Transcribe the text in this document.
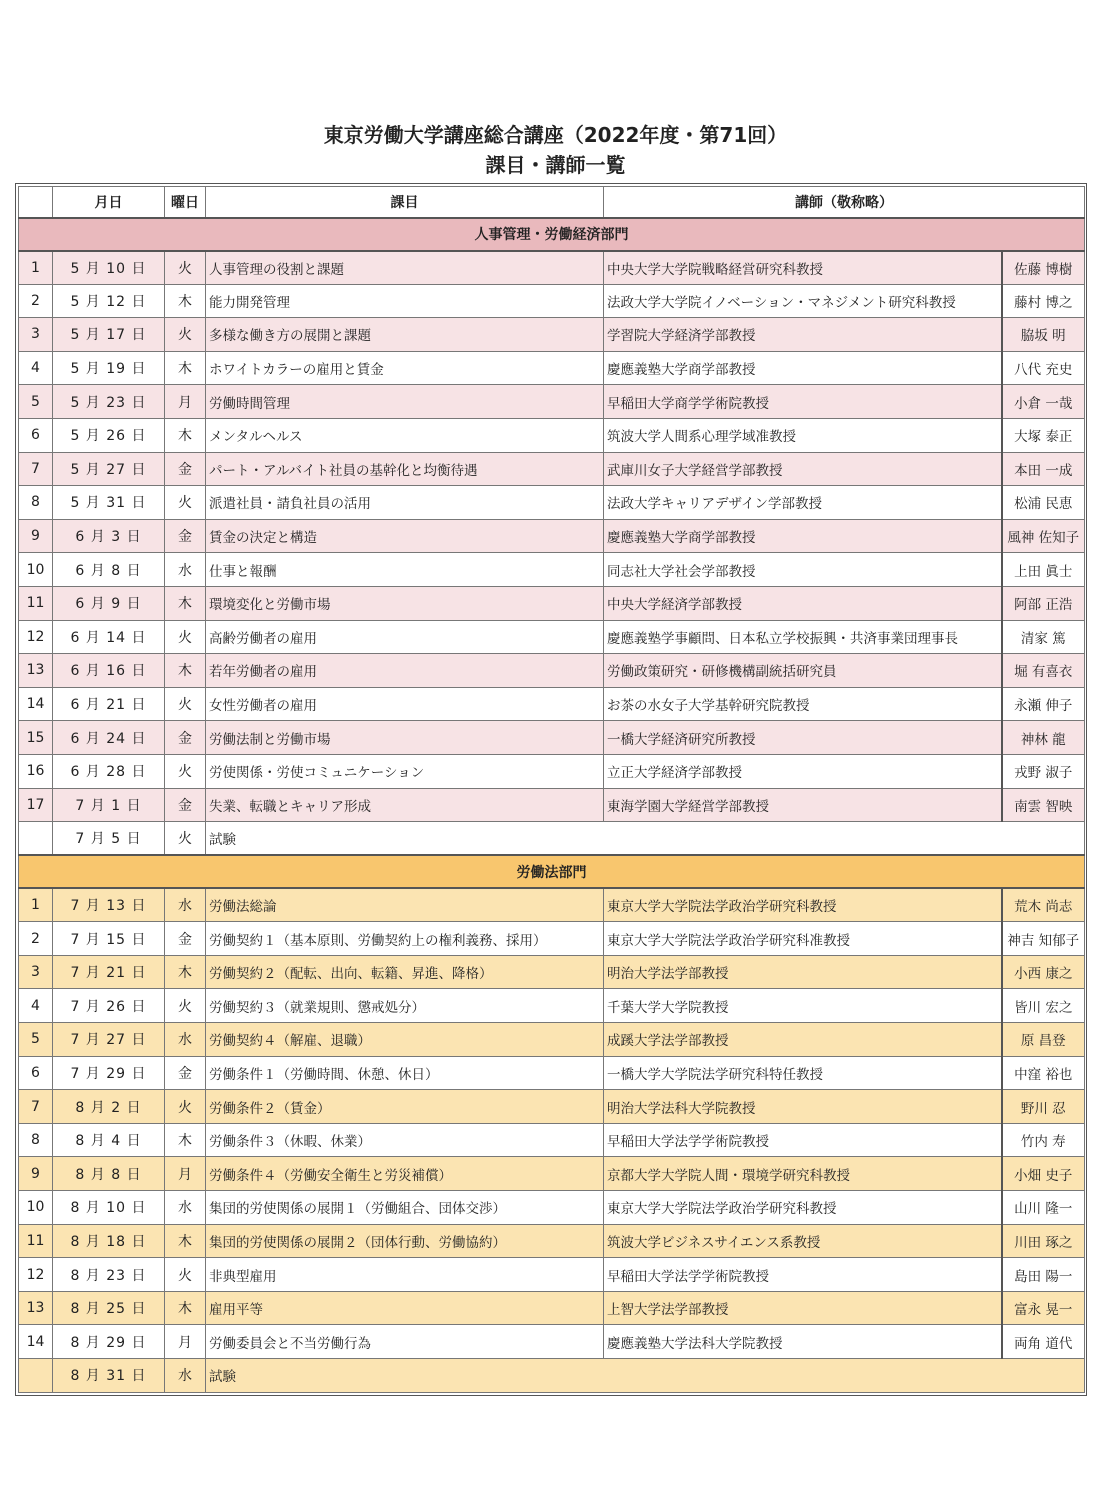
東京労働大学講座総合講座（2022年度・第71回）
課目・講師一覧
	月日	曜日	課目	講師（敬称略）	
人事管理・労働経済部門					
1	5 月 10 日	火	人事管理の役割と課題	中央大学大学院戦略経営研究科教授	佐藤 博樹
2	5 月 12 日	木	能力開発管理	法政大学大学院イノベーション・マネジメント研究科教授	藤村 博之
3	5 月 17 日	火	多様な働き方の展開と課題	学習院大学経済学部教授	脇坂 明
4	5 月 19 日	木	ホワイトカラーの雇用と賃金	慶應義塾大学商学部教授	八代 充史
5	5 月 23 日	月	労働時間管理	早稲田大学商学学術院教授	小倉 一哉
6	5 月 26 日	木	メンタルヘルス	筑波大学人間系心理学域准教授	大塚 泰正
7	5 月 27 日	金	パート・アルバイト社員の基幹化と均衡待遇	武庫川女子大学経営学部教授	本田 一成
8	5 月 31 日	火	派遣社員・請負社員の活用	法政大学キャリアデザイン学部教授	松浦 民恵
9	6 月 3 日	金	賃金の決定と構造	慶應義塾大学商学部教授	風神 佐知子
10	6 月 8 日	水	仕事と報酬	同志社大学社会学部教授	上田 眞士
11	6 月 9 日	木	環境変化と労働市場	中央大学経済学部教授	阿部 正浩
12	6 月 14 日	火	高齢労働者の雇用	慶應義塾学事顧問、日本私立学校振興・共済事業団理事長	清家 篤
13	6 月 16 日	木	若年労働者の雇用	労働政策研究・研修機構副統括研究員	堀 有喜衣
14	6 月 21 日	火	女性労働者の雇用	お茶の水女子大学基幹研究院教授	永瀬 伸子
15	6 月 24 日	金	労働法制と労働市場	一橋大学経済研究所教授	神林 龍
16	6 月 28 日	火	労使関係・労使コミュニケーション	立正大学経済学部教授	戎野 淑子
17	7 月 1 日	金	失業、転職とキャリア形成	東海学園大学経営学部教授	南雲 智映
	7 月 5 日	火	試験		
労働法部門					
1	7 月 13 日	水	労働法総論	東京大学大学院法学政治学研究科教授	荒木 尚志
2	7 月 15 日	金	労働契約１（基本原則、労働契約上の権利義務、採用）	東京大学大学院法学政治学研究科准教授	神吉 知郁子
3	7 月 21 日	木	労働契約２（配転、出向、転籍、昇進、降格）	明治大学法学部教授	小西 康之
4	7 月 26 日	火	労働契約３（就業規則、懲戒処分）	千葉大学大学院教授	皆川 宏之
5	7 月 27 日	水	労働契約４（解雇、退職）	成蹊大学法学部教授	原 昌登
6	7 月 29 日	金	労働条件１（労働時間、休憩、休日）	一橋大学大学院法学研究科特任教授	中窪 裕也
7	8 月 2 日	火	労働条件２（賃金）	明治大学法科大学院教授	野川 忍
8	8 月 4 日	木	労働条件３（休暇、休業）	早稲田大学法学学術院教授	竹内 寿
9	8 月 8 日	月	労働条件４（労働安全衛生と労災補償）	京都大学大学院人間・環境学研究科教授	小畑 史子
10	8 月 10 日	水	集団的労使関係の展開１（労働組合、団体交渉）	東京大学大学院法学政治学研究科教授	山川 隆一
11	8 月 18 日	木	集団的労使関係の展開２（団体行動、労働協約）	筑波大学ビジネスサイエンス系教授	川田 琢之
12	8 月 23 日	火	非典型雇用	早稲田大学法学学術院教授	島田 陽一
13	8 月 25 日	木	雇用平等	上智大学法学部教授	富永 晃一
14	8 月 29 日	月	労働委員会と不当労働行為	慶應義塾大学法科大学院教授	両角 道代
	8 月 31 日	水	試験		
